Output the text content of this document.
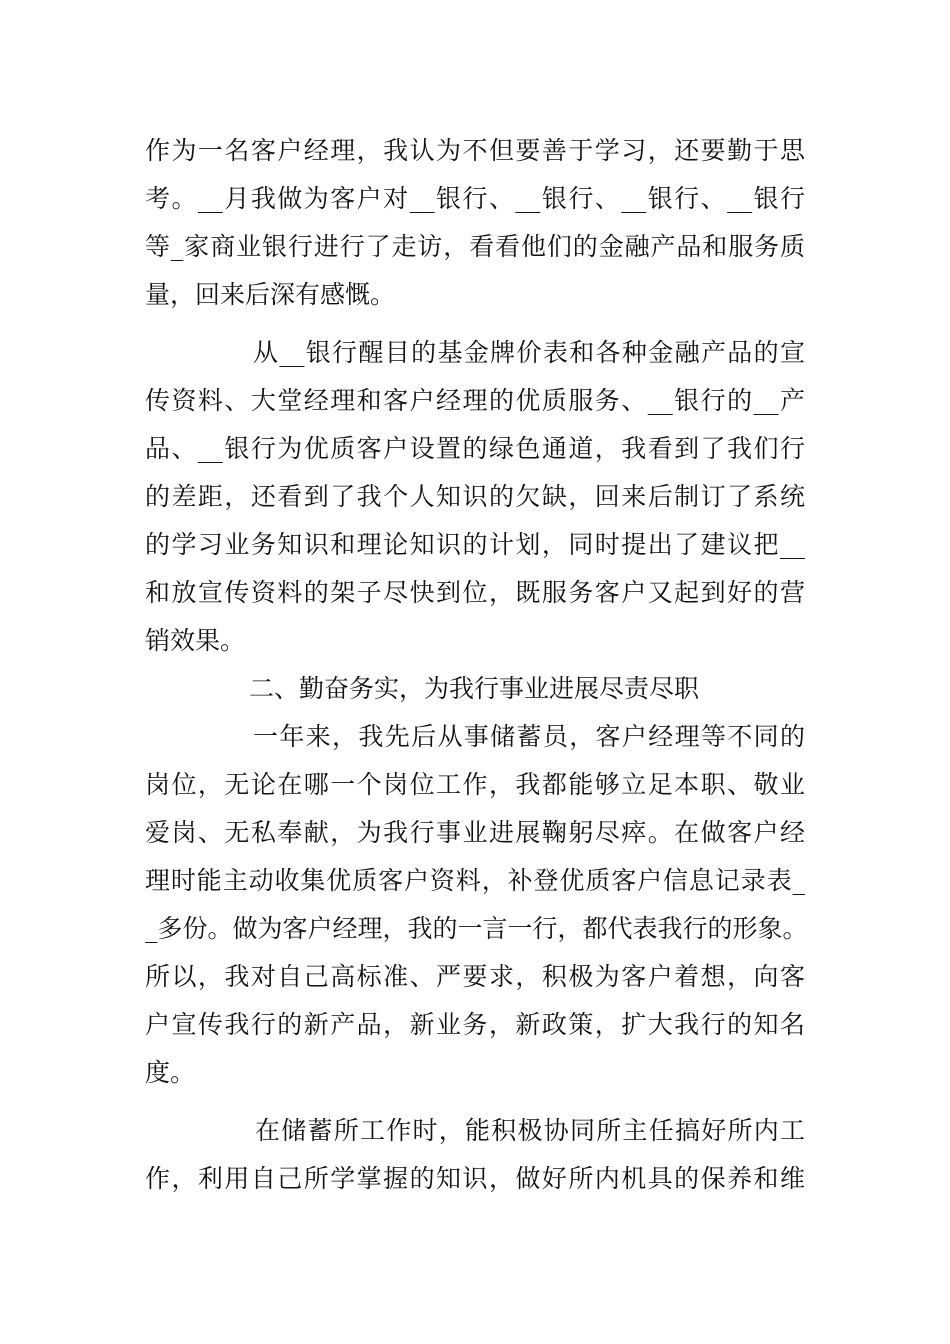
作为一名客户经理，我认为不但要善于学习，还要勤于思
考。__月我做为客户对__银行、__银行、__银行、__银行
等_家商业银行进行了走访，看看他们的金融产品和服务质
量，回来后深有感慨。
从__银行醒目的基金牌价表和各种金融产品的宣
传资料、大堂经理和客户经理的优质服务、__银行的__产
品、__银行为优质客户设置的绿色通道，我看到了我们行
的差距，还看到了我个人知识的欠缺，回来后制订了系统
的学习业务知识和理论知识的计划，同时提出了建议把__
和放宣传资料的架子尽快到位，既服务客户又起到好的营
销效果。
二、勤奋务实，为我行事业进展尽责尽职
一年来，我先后从事储蓄员，客户经理等不同的
岗位，无论在哪一个岗位工作，我都能够立足本职、敬业
爱岗、无私奉献，为我行事业进展鞠躬尽瘁。在做客户经
理时能主动收集优质客户资料，补登优质客户信息记录表_
_多份。做为客户经理，我的一言一行，都代表我行的形象。
所以，我对自己高标准、严要求，积极为客户着想，向客
户宣传我行的新产品，新业务，新政策，扩大我行的知名
度。
在储蓄所工作时，能积极协同所主任搞好所内工
作，利用自己所学掌握的知识，做好所内机具的保养和维
